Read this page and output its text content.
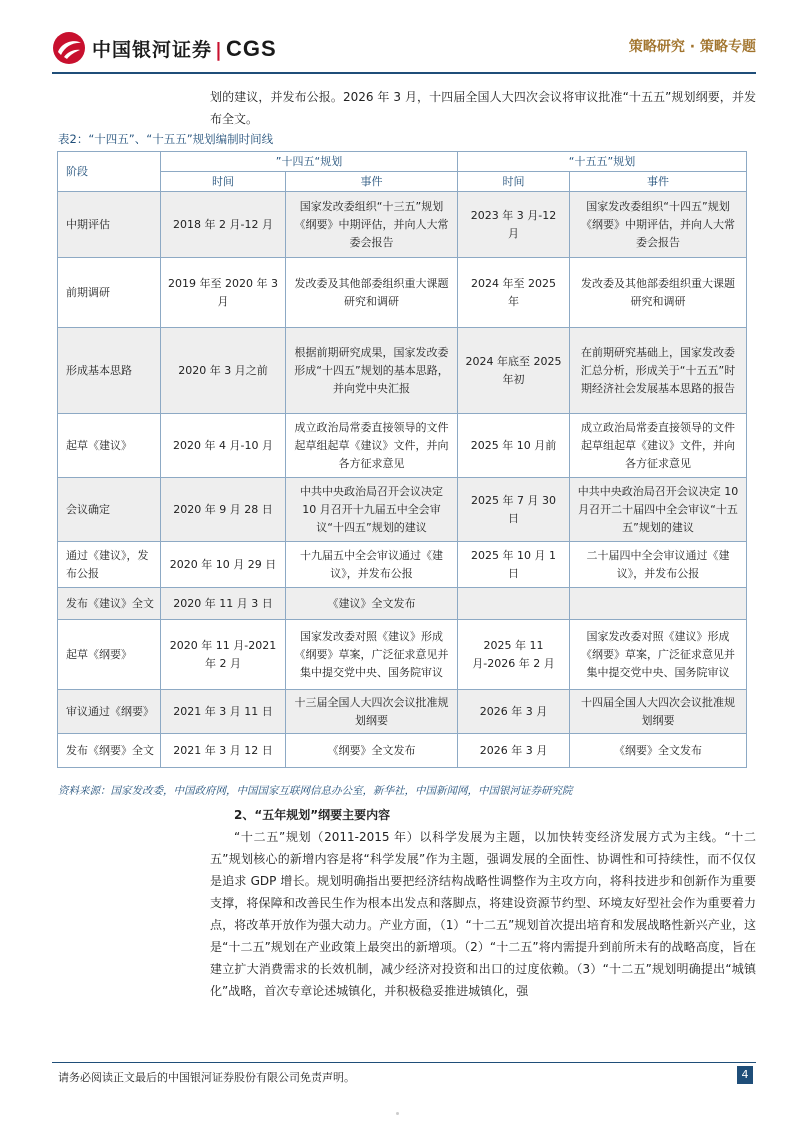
中国银河证券 | CGS	策略研究 · 策略专题
划的建议，并发布公报。2026 年 3 月，十四届全国人大四次会议将审议批准“十五五”规划纲要，并发布全文。
表2：“十四五”、“十五五”规划编制时间线
阶段	”十四五“规划		“十五五”规划	
	时间	事件	时间	事件
中期评估	2018 年 2 月-12 月	国家发改委组织“十三五”规划《纲要》中期评估，并向人大常委会报告	2023 年 3 月-12 月	国家发改委组织“十四五”规划《纲要》中期评估，并向人大常委会报告
前期调研	2019 年至 2020 年 3 月	发改委及其他部委组织重大课题研究和调研	2024 年至 2025 年	发改委及其他部委组织重大课题研究和调研
形成基本思路	2020 年 3 月之前	根据前期研究成果，国家发改委形成“十四五”规划的基本思路，并向党中央汇报	2024 年底至 2025 年初	在前期研究基础上，国家发改委汇总分析，形成关于“十五五”时期经济社会发展基本思路的报告
起草《建议》	2020 年 4 月-10 月	成立政治局常委直接领导的文件起草组起草《建议》文件，并向各方征求意见	2025 年 10 月前	成立政治局常委直接领导的文件起草组起草《建议》文件，并向各方征求意见
会议确定	2020 年 9 月 28 日	中共中央政治局召开会议决定 10 月召开十九届五中全会审议“十四五”规划的建议	2025 年 7 月 30 日	中共中央政治局召开会议决定 10 月召开二十届四中全会审议“十五五”规划的建议
通过《建议》，发布公报	2020 年 10 月 29 日	十九届五中全会审议通过《建议》，并发布公报	2025 年 10 月 1 日	二十届四中全会审议通过《建议》，并发布公报
发布《建议》全文	2020 年 11 月 3 日	《建议》全文发布		
起草《纲要》	2020 年 11 月-2021 年 2 月	国家发改委对照《建议》形成《纲要》草案，广泛征求意见并集中提交党中央、国务院审议	2025 年 11 月-2026 年 2 月	国家发改委对照《建议》形成《纲要》草案，广泛征求意见并集中提交党中央、国务院审议
审议通过《纲要》	2021 年 3 月 11 日	十三届全国人大四次会议批准规划纲要	2026 年 3 月	十四届全国人大四次会议批准规划纲要
发布《纲要》全文	2021 年 3 月 12 日	《纲要》全文发布	2026 年 3 月	《纲要》全文发布
资料来源：国家发改委，中国政府网，中国国家互联网信息办公室，新华社，中国新闻网，中国银河证券研究院
2、“五年规划”纲要主要内容
“十二五”规划（2011-2015 年）以科学发展为主题，以加快转变经济发展方式为主线。“十二五”规划核心的新增内容是将“科学发展”作为主题，强调发展的全面性、协调性和可持续性，而不仅仅是追求 GDP 增长。规划明确指出要把经济结构战略性调整作为主攻方向，将科技进步和创新作为重要支撑，将保障和改善民生作为根本出发点和落脚点，将建设资源节约型、环境友好型社会作为重要着力点，将改革开放作为强大动力。产业方面，（1）“十二五”规划首次提出培育和发展战略性新兴产业，这是“十二五”规划在产业政策上最突出的新增项。（2）“十二五”将内需提升到前所未有的战略高度，旨在建立扩大消费需求的长效机制，减少经济对投资和出口的过度依赖。（3）“十二五”规划明确提出“城镇化”战略，首次专章论述城镇化，并积极稳妥推进城镇化，强
请务必阅读正文最后的中国银河证券股份有限公司免责声明。	4
